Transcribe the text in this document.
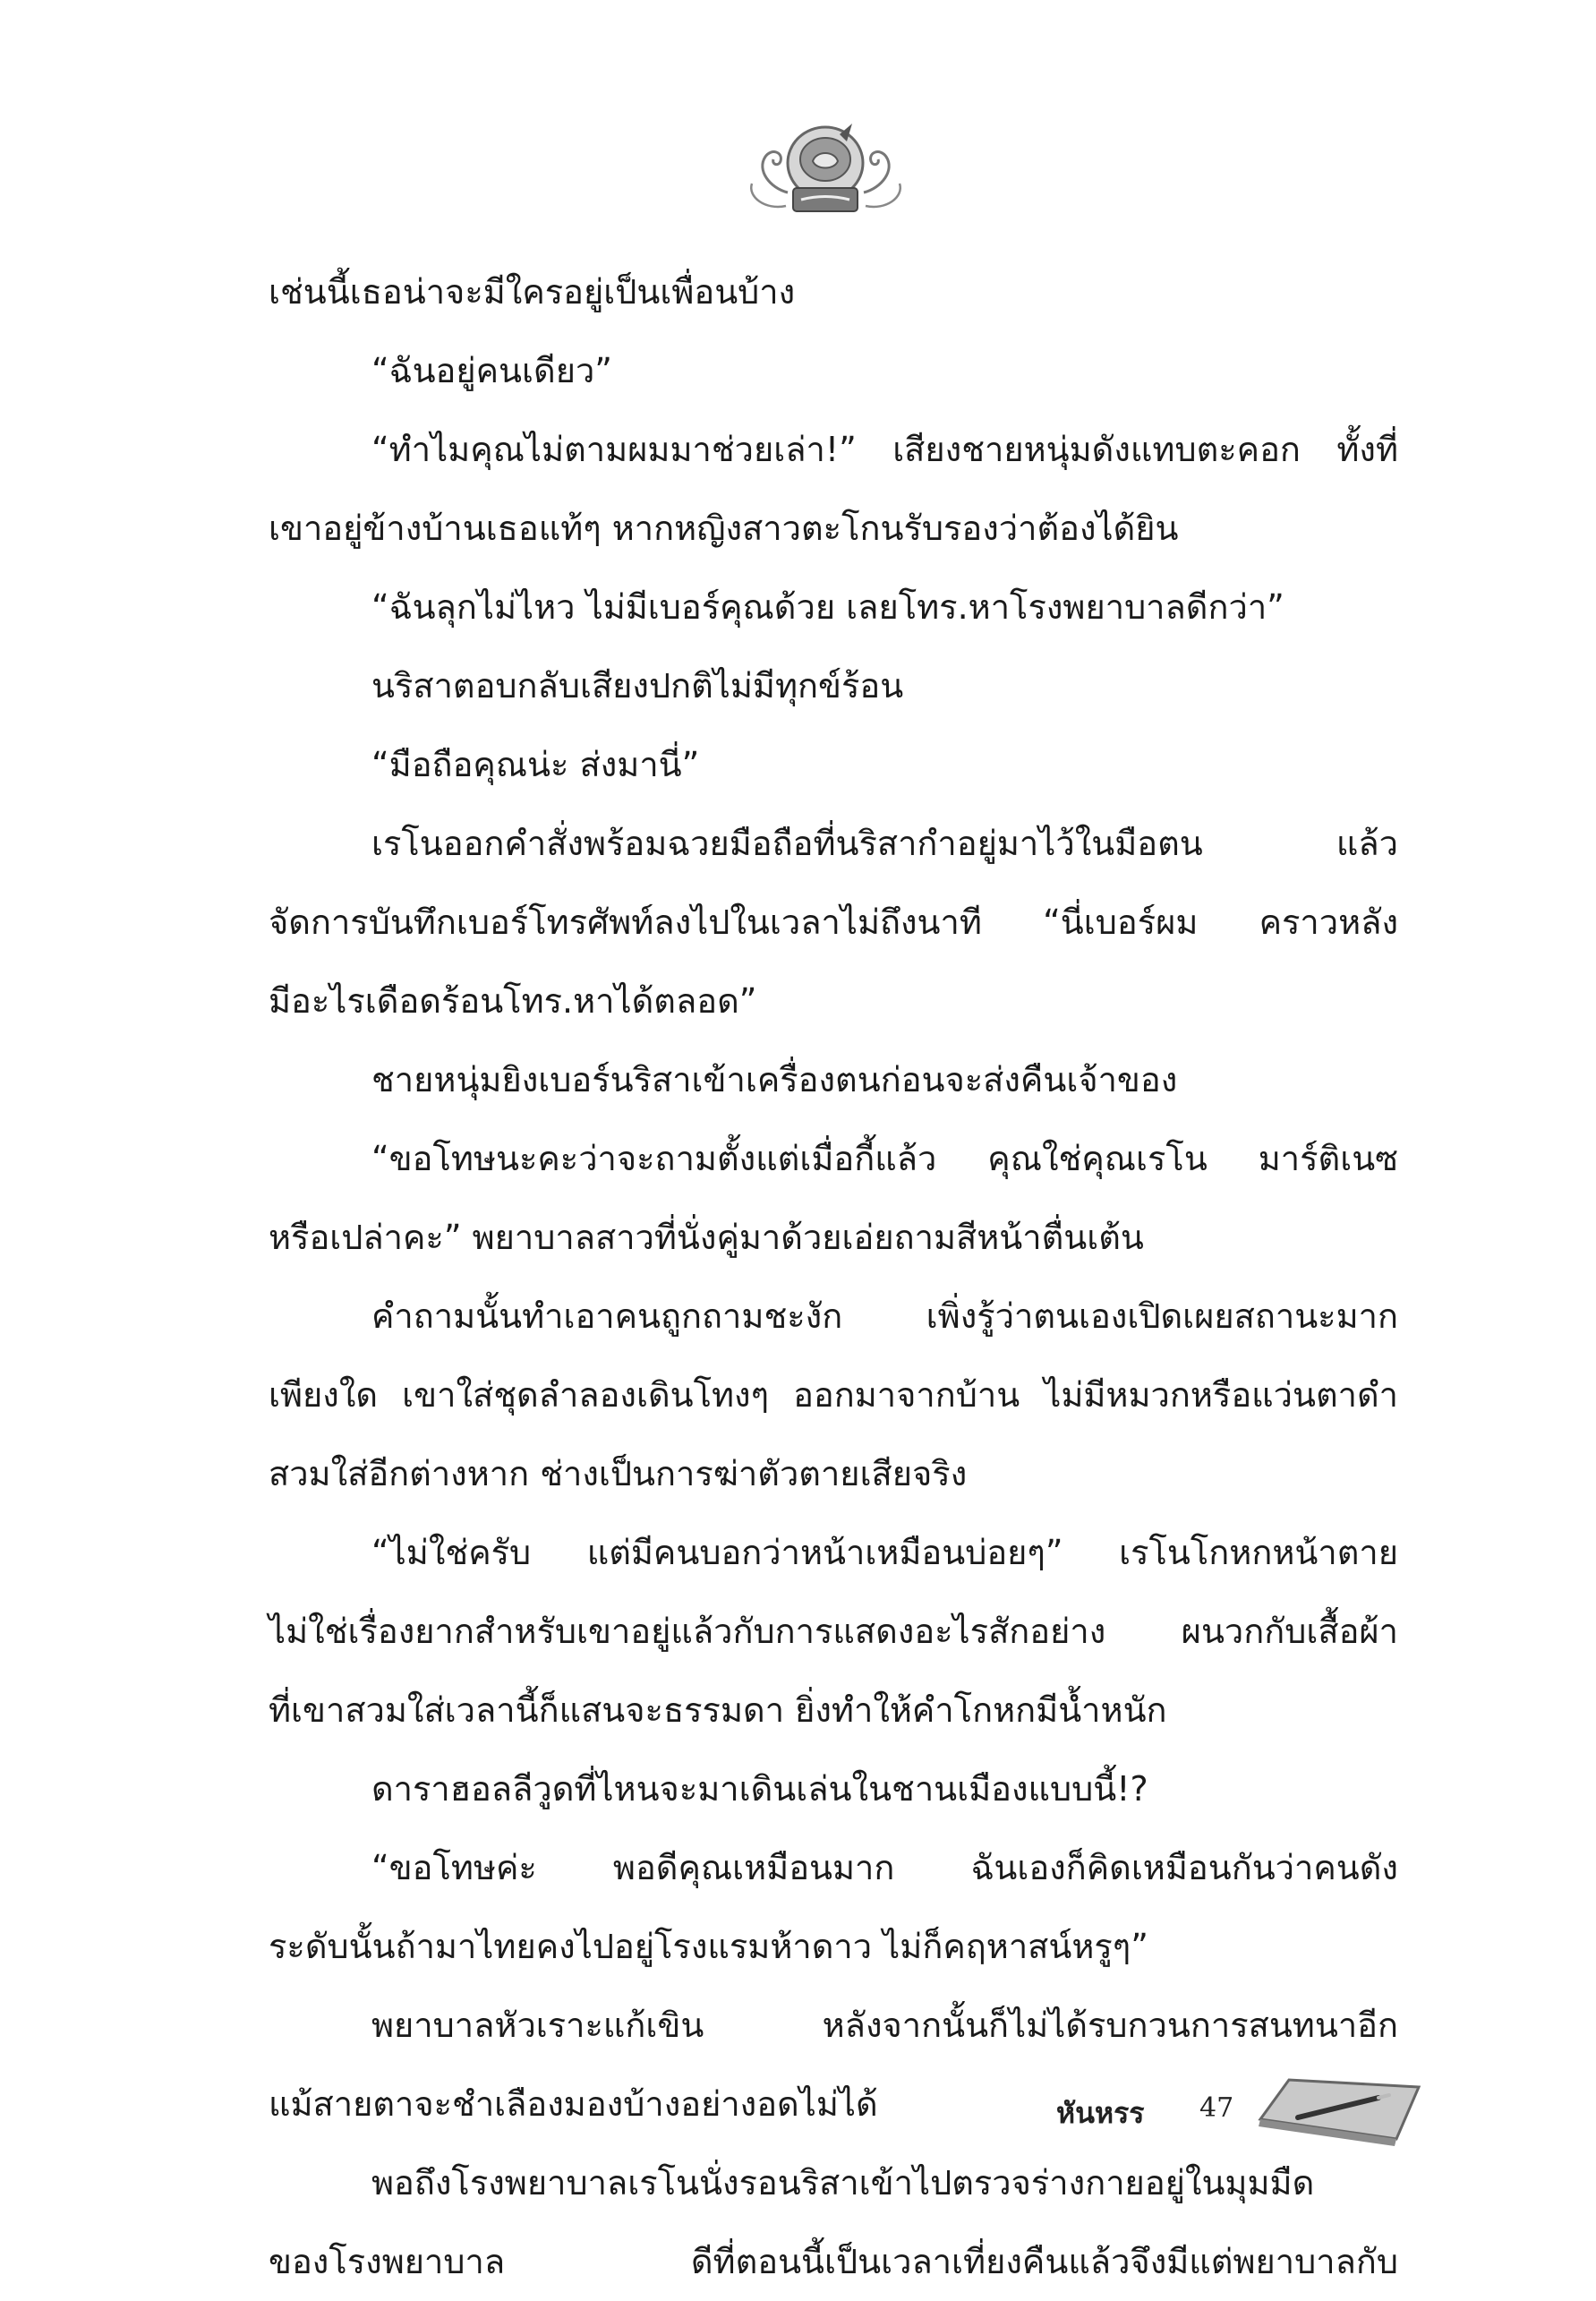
เช่นนี้เธอน่าจะมีใครอยู่เป็นเพื่อนบ้าง
“ฉันอยู่คนเดียว”
“ทำไมคุณไม่ตามผมมาช่วยเล่า!” เสียงชายหนุ่มดังแทบตะคอก ทั้งที่
เขาอยู่ข้างบ้านเธอแท้ๆ หากหญิงสาวตะโกนรับรองว่าต้องได้ยิน
“ฉันลุกไม่ไหว ไม่มีเบอร์คุณด้วย เลยโทร.หาโรงพยาบาลดีกว่า”
นริสาตอบกลับเสียงปกติไม่มีทุกข์ร้อน
“มือถือคุณน่ะ ส่งมานี่”
เรโนออกคำสั่งพร้อมฉวยมือถือที่นริสากำอยู่มาไว้ในมือตน แล้ว
จัดการบันทึกเบอร์โทรศัพท์ลงไปในเวลาไม่ถึงนาที “นี่เบอร์ผม คราวหลัง
มีอะไรเดือดร้อนโทร.หาได้ตลอด”
ชายหนุ่มยิงเบอร์นริสาเข้าเครื่องตนก่อนจะส่งคืนเจ้าของ
“ขอโทษนะคะว่าจะถามตั้งแต่เมื่อกี้แล้ว คุณใช่คุณเรโน มาร์ติเนซ
หรือเปล่าคะ” พยาบาลสาวที่นั่งคู่มาด้วยเอ่ยถามสีหน้าตื่นเต้น
คำถามนั้นทำเอาคนถูกถามชะงัก เพิ่งรู้ว่าตนเองเปิดเผยสถานะมาก
เพียงใด เขาใส่ชุดลำลองเดินโทงๆ ออกมาจากบ้าน ไม่มีหมวกหรือแว่นตาดำ
สวมใส่อีกต่างหาก ช่างเป็นการฆ่าตัวตายเสียจริง
“ไม่ใช่ครับ แต่มีคนบอกว่าหน้าเหมือนบ่อยๆ” เรโนโกหกหน้าตาย
ไม่ใช่เรื่องยากสำหรับเขาอยู่แล้วกับการแสดงอะไรสักอย่าง ผนวกกับเสื้อผ้า
ที่เขาสวมใส่เวลานี้ก็แสนจะธรรมดา ยิ่งทำให้คำโกหกมีน้ำหนัก
ดาราฮอลลีวูดที่ไหนจะมาเดินเล่นในชานเมืองแบบนี้!?
“ขอโทษค่ะ พอดีคุณเหมือนมาก ฉันเองก็คิดเหมือนกันว่าคนดัง
ระดับนั้นถ้ามาไทยคงไปอยู่โรงแรมห้าดาว ไม่ก็คฤหาสน์หรูๆ”
พยาบาลหัวเราะแก้เขิน หลังจากนั้นก็ไม่ได้รบกวนการสนทนาอีก
แม้สายตาจะชำเลืองมองบ้างอย่างอดไม่ได้
พอถึงโรงพยาบาลเรโนนั่งรอนริสาเข้าไปตรวจร่างกายอยู่ในมุมมืด
ของโรงพยาบาล ดีที่ตอนนี้เป็นเวลาเที่ยงคืนแล้วจึงมีแต่พยาบาลกับ
หันหรร 47
